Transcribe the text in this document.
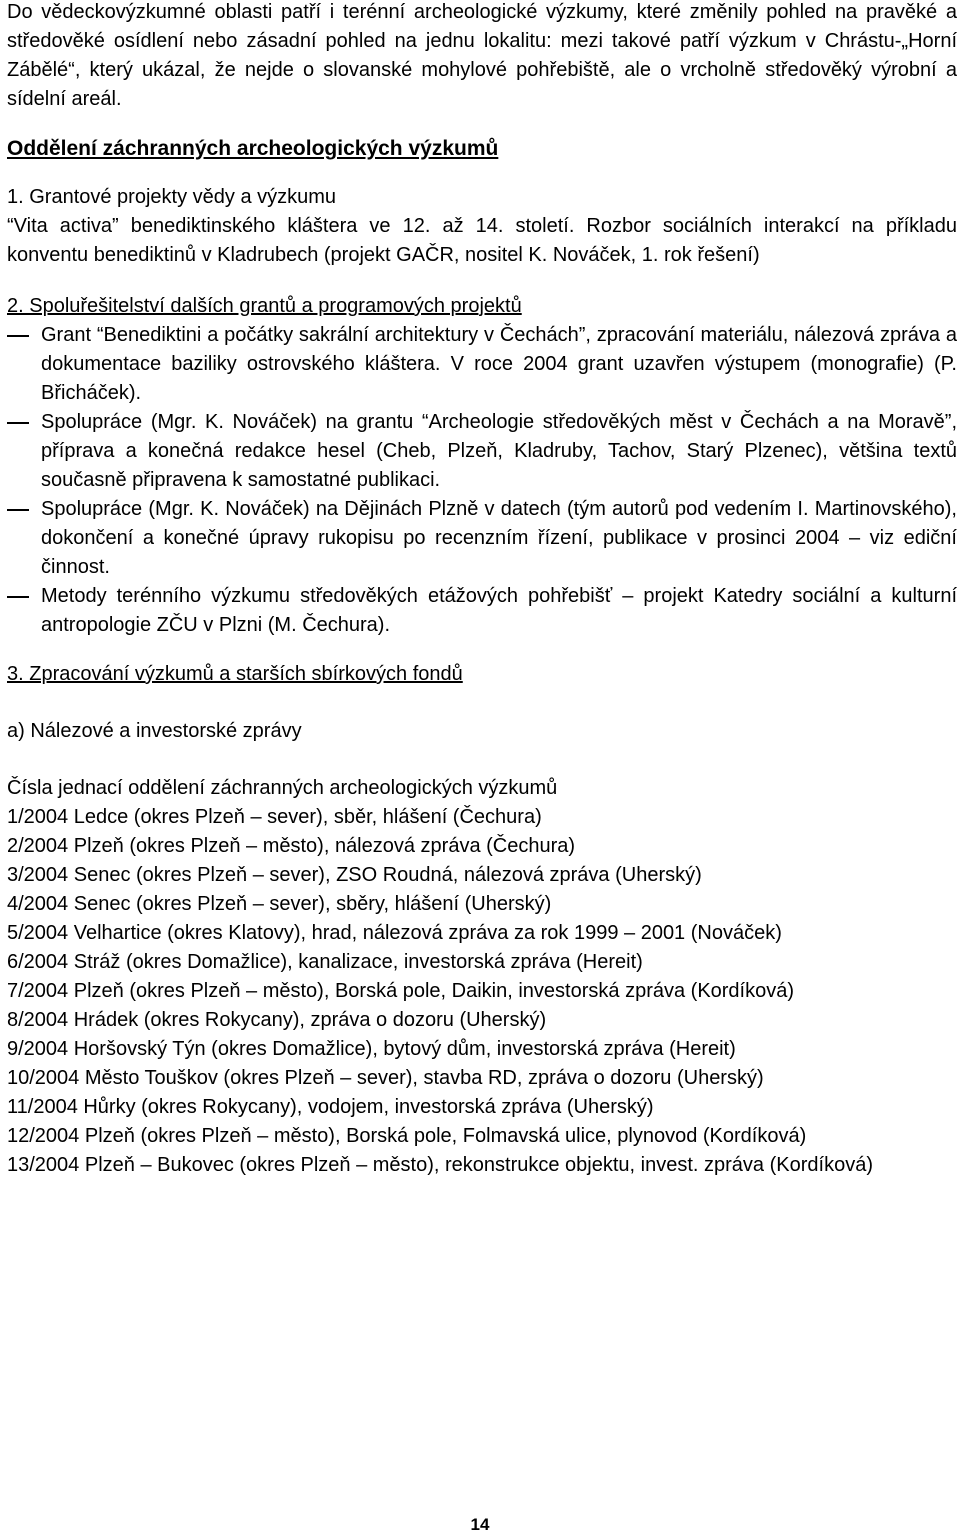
Do vědeckovýzkumné oblasti patří i terénní archeologické výzkumy, které změnily pohled na pravěké a středověké osídlení nebo zásadní pohled na jednu lokalitu: mezi takové patří výzkum v Chrástu-„Horní Zábělé“, který ukázal, že nejde o slovanské mohylové pohřebiště, ale o vrcholně středověký výrobní a sídelní areál.

Oddělení záchranných archeologických výzkumů

1. Grantové projekty vědy a výzkumu

“Vita activa” benediktinského kláštera ve 12. až 14. století. Rozbor sociálních interakcí na příkladu konventu benediktinů v Kladrubech (projekt GAČR, nositel K. Nováček, 1. rok řešení)

2. Spoluřešitelství dalších grantů a programových projektů

Grant “Benediktini a počátky sakrální architektury v Čechách”, zpracování materiálu, nálezová zpráva a dokumentace baziliky ostrovského kláštera. V roce 2004 grant uzavřen výstupem (monografie) (P. Břicháček).
Spolupráce (Mgr. K. Nováček) na grantu “Archeologie středověkých měst v Čechách a na Moravě”, příprava a konečná redakce hesel (Cheb, Plzeň, Kladruby, Tachov, Starý Plzenec), většina textů současně připravena k samostatné publikaci.
Spolupráce (Mgr. K. Nováček) na Dějinách Plzně v datech (tým autorů pod vedením I. Martinovského), dokončení a konečné úpravy rukopisu po recenzním řízení, publikace v prosinci 2004 – viz ediční činnost.
Metody terénního výzkumu středověkých etážových pohřebišť – projekt Katedry sociální a kulturní antropologie ZČU v Plzni (M. Čechura).

3. Zpracování výzkumů a starších sbírkových fondů

a) Nálezové a investorské zprávy

Čísla jednací oddělení záchranných archeologických výzkumů

1/2004 Ledce (okres Plzeň – sever), sběr, hlášení (Čechura)
2/2004 Plzeň (okres Plzeň – město), nálezová zpráva (Čechura)
3/2004 Senec (okres Plzeň – sever), ZSO Roudná, nálezová zpráva (Uherský)
4/2004 Senec (okres Plzeň – sever), sběry, hlášení (Uherský)
5/2004 Velhartice (okres Klatovy), hrad, nálezová zpráva za rok 1999 – 2001 (Nováček)
6/2004 Stráž (okres Domažlice), kanalizace, investorská zpráva (Hereit)
7/2004 Plzeň (okres Plzeň – město), Borská pole, Daikin, investorská zpráva (Kordíková)
8/2004 Hrádek (okres Rokycany), zpráva o dozoru (Uherský)
9/2004 Horšovský Týn (okres Domažlice), bytový dům, investorská zpráva (Hereit)
10/2004 Město Touškov (okres Plzeň – sever), stavba RD, zpráva o dozoru (Uherský)
11/2004 Hůrky (okres Rokycany), vodojem, investorská zpráva (Uherský)
12/2004 Plzeň (okres Plzeň – město), Borská pole, Folmavská ulice, plynovod (Kordíková)
13/2004 Plzeň – Bukovec (okres Plzeň – město), rekonstrukce objektu, invest. zpráva (Kordíková)
14
